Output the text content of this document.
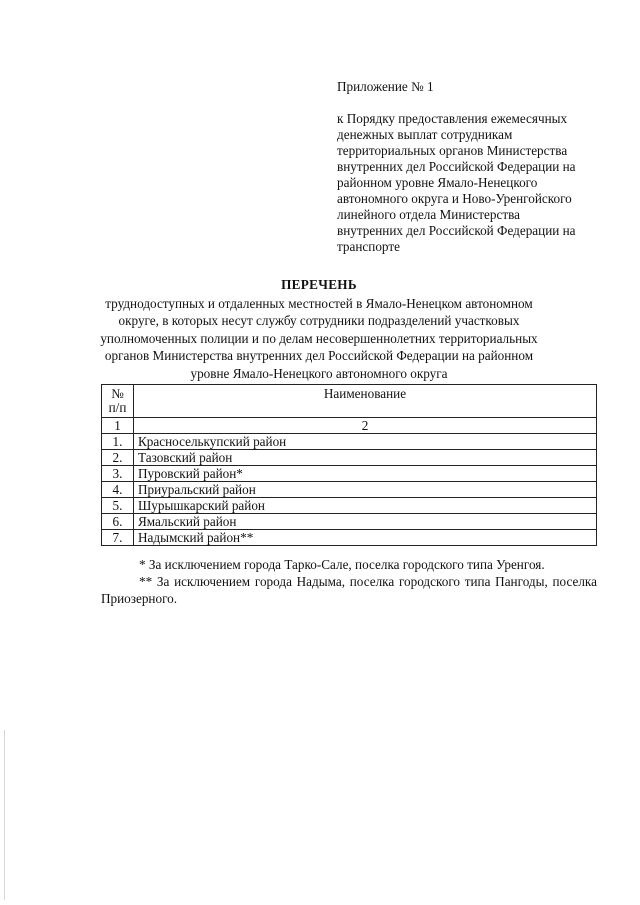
Приложение № 1
к Порядку предоставления ежемесячных
денежных выплат сотрудникам
территориальных органов Министерства
внутренних дел Российской Федерации на
районном уровне Ямало-Ненецкого
автономного округа и Ново-Уренгойского
линейного отдела Министерства
внутренних дел Российской Федерации на
транспорте
ПЕРЕЧЕНЬ
труднодоступных и отдаленных местностей в Ямало-Ненецком автономном
округе, в которых несут службу сотрудники подразделений участковых
уполномоченных полиции и по делам несовершеннолетних территориальных
органов Министерства внутренних дел Российской Федерации на районном
уровне Ямало-Ненецкого автономного округа
№
п/п	Наименование
1	2
1.	Красноселькупский район
2.	Тазовский район
3.	Пуровский район*
4.	Приуральский район
5.	Шурышкарский район
6.	Ямальский район
7.	Надымский район**

* За исключением города Тарко-Сале, поселка городского типа Уренгоя.

** За исключением города Надыма, поселка городского типа Пангоды, поселка Приозерного.
